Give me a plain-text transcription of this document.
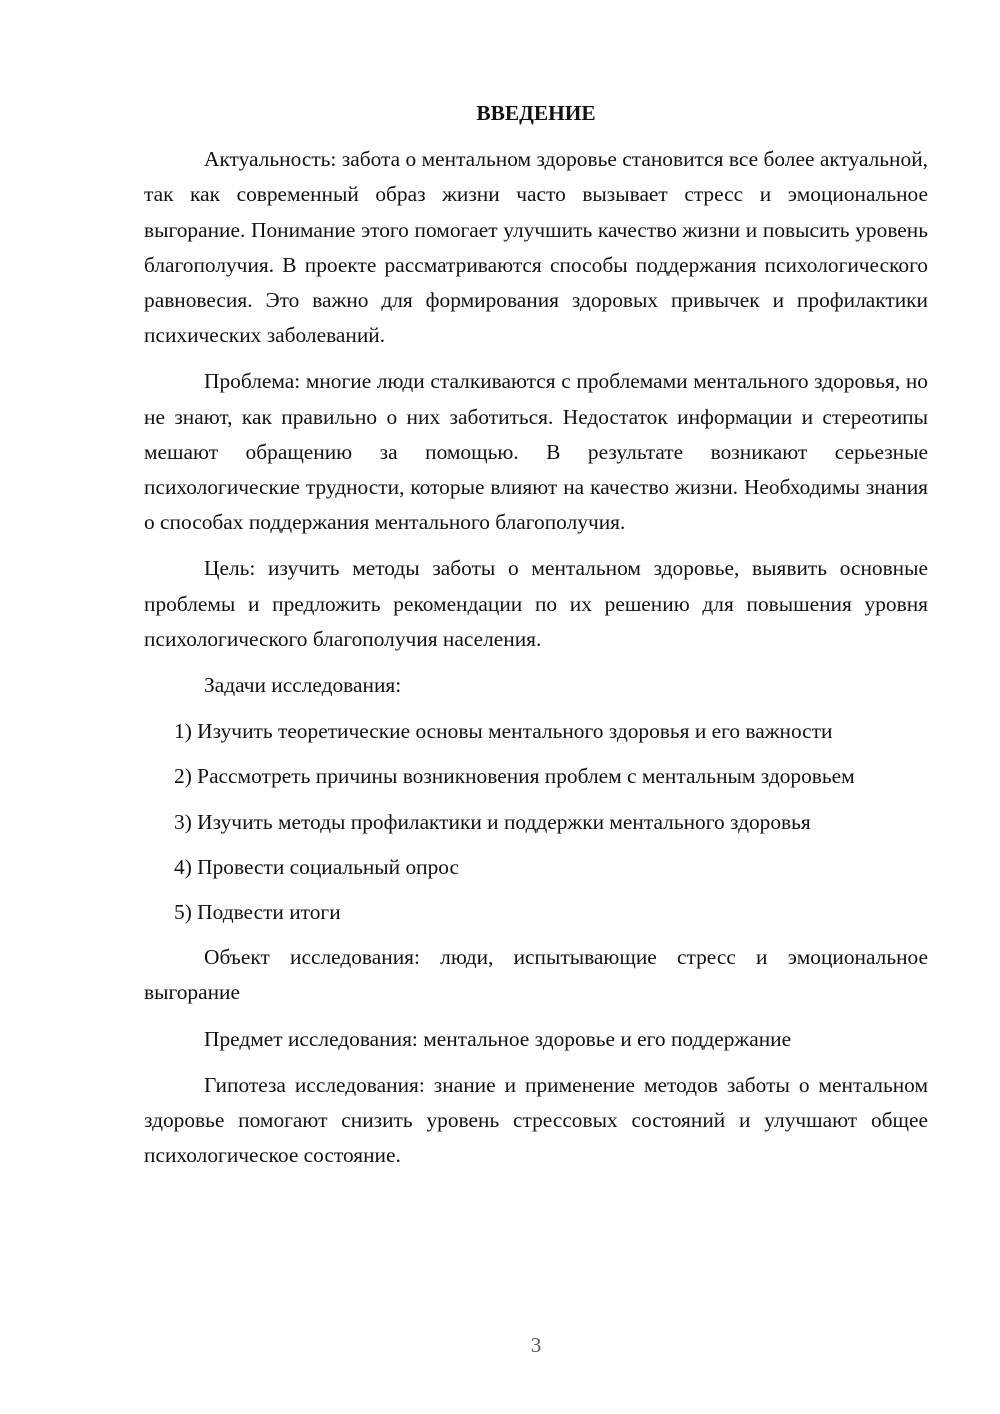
ВВЕДЕНИЕ

Актуальность: забота о ментальном здоровье становится все более актуальной, так как современный образ жизни часто вызывает стресс и эмоциональное выгорание. Понимание этого помогает улучшить качество жизни и повысить уровень благополучия. В проекте рассматриваются способы поддержания психологического равновесия. Это важно для формирования здоровых привычек и профилактики психических заболеваний.

Проблема: многие люди сталкиваются с проблемами ментального здоровья, но не знают, как правильно о них заботиться. Недостаток информации и стереотипы мешают обращению за помощью. В результате возникают серьезные психологические трудности, которые влияют на качество жизни. Необходимы знания о способах поддержания ментального благополучия.

Цель: изучить методы заботы о ментальном здоровье, выявить основные проблемы и предложить рекомендации по их решению для повышения уровня психологического благополучия населения.

Задачи исследования:

1) Изучить теоретические основы ментального здоровья и его важности

2) Рассмотреть причины возникновения проблем с ментальным здоровьем

3) Изучить методы профилактики и поддержки ментального здоровья

4) Провести социальный опрос

5) Подвести итоги

Объект исследования: люди, испытывающие стресс и эмоциональное выгорание

Предмет исследования: ментальное здоровье и его поддержание

Гипотеза исследования: знание и применение методов заботы о ментальном здоровье помогают снизить уровень стрессовых состояний и улучшают общее психологическое состояние.

3
